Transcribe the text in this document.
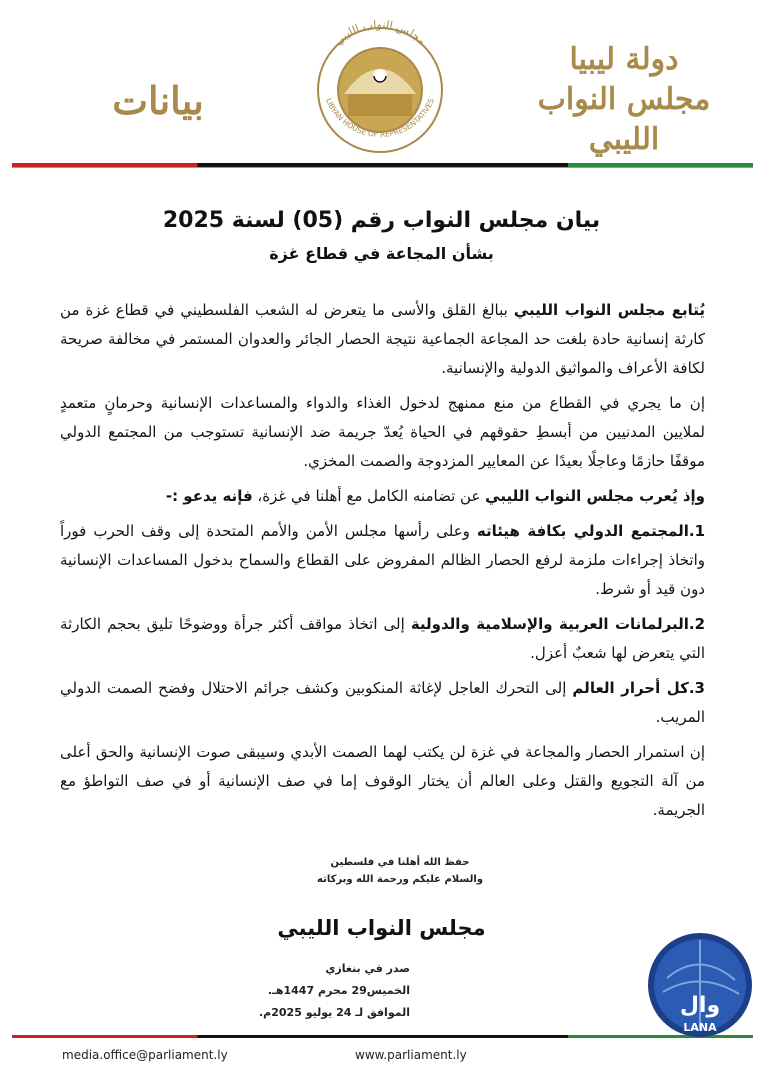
دولة ليبيا
مجلس النواب الليبي
مجلس النواب الليبي
LIBYAN HOUSE OF REPRESENTATIVES
بيانات
بيان مجلس النواب رقم (05) لسنة 2025
بشأن المجاعة في قطاع غزة

يُتابع مجلس النواب الليبي ببالغ القلق والأسى ما يتعرض له الشعب الفلسطيني في قطاع غزة من كارثة إنسانية حادة بلغت حد المجاعة الجماعية نتيجة الحصار الجائر والعدوان المستمر في مخالفة صريحة لكافة الأعراف والمواثيق الدولية والإنسانية.

إن ما يجري في القطاع من منع ممنهج لدخول الغذاء والدواء والمساعدات الإنسانية وحرمانٍ متعمدٍ لملايين المدنيين من أبسطِ حقوقهم في الحياة يُعدّ جريمة ضد الإنسانية تستوجب من المجتمع الدولي موقفًا حازمًا وعاجلًا بعيدًا عن المعايير المزدوجة والصمت المخزي.

وإذ يُعرب مجلس النواب الليبي عن تضامنه الكامل مع أهلنا في غزة، فإنه يدعو :-

1.المجتمع الدولي بكافة هيئاته وعلى رأسها مجلس الأمن والأمم المتحدة إلى وقف الحرب فوراً واتخاذ إجراءات ملزمة لرفع الحصار الظالم المفروض على القطاع والسماح بدخول المساعدات الإنسانية دون قيد أو شرط.

2.البرلمانات العربية والإسلامية والدولية إلى اتخاذ مواقف أكثر جرأة ووضوحًا تليق بحجم الكارثة التي يتعرض لها شعبٌ أعزل.

3.كل أحرار العالم إلى التحرك العاجل لإغاثة المنكوبين وكشف جرائم الاحتلال وفضح الصمت الدولي المريب.

إن استمرار الحصار والمجاعة في غزة لن يكتب لهما الصمت الأبدي وسيبقى صوت الإنسانية والحق أعلى من آلة التجويع والقتل وعلى العالم أن يختار الوقوف إما في صف الإنسانية أو في صف التواطؤ مع الجريمة.

حفظ الله أهلنا في فلسطين
والسلام عليكم ورحمة الله وبركاته
مجلس النواب الليبي
صدر في بنغازي
الخميس29 محرم 1447هـ.
الموافق لـ 24 يوليو 2025م.
media.office@parliament.ly	www.parliament.ly
وال
LANA
